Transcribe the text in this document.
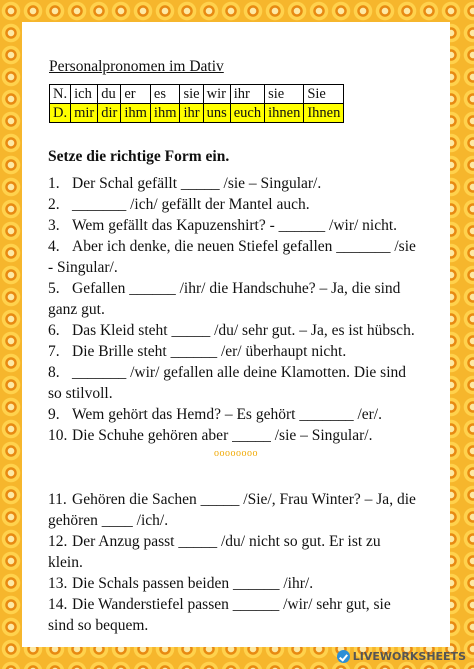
Personalpronomen im Dativ
N.	ich	du	er	es	sie	wir	ihr	sie	Sie
D.	mir	dir	ihm	ihm	ihr	uns	euch	ihnen	Ihnen
Setze die richtige Form ein.
1. Der Schal gefällt _____ /sie – Singular/.
2. _______ /ich/ gefällt der Mantel auch.
3. Wem gefällt das Kapuzenshirt? - ______ /wir/ nicht.
4. Aber ich denke, die neuen Stiefel gefallen _______ /sie
- Singular/.
5. Gefallen ______ /ihr/ die Handschuhe? – Ja, die sind
ganz gut.
6. Das Kleid steht _____ /du/ sehr gut. – Ja, es ist hübsch.
7. Die Brille steht ______ /er/ überhaupt nicht.
8. _______ /wir/ gefallen alle deine Klamotten. Die sind
so stilvoll.
9. Wem gehört das Hemd? – Es gehört _______ /er/.
10. Die Schuhe gehören aber _____ /sie – Singular/.
11. Gehören die Sachen _____ /Sie/, Frau Winter? – Ja, die
gehören ____ /ich/.
12. Der Anzug passt _____ /du/ nicht so gut. Er ist zu
klein.
13. Die Schals passen beiden ______ /ihr/.
14. Die Wanderstiefel passen ______ /wir/ sehr gut, sie
sind so bequem.
oooooooo
LIVEWORKSHEETS
